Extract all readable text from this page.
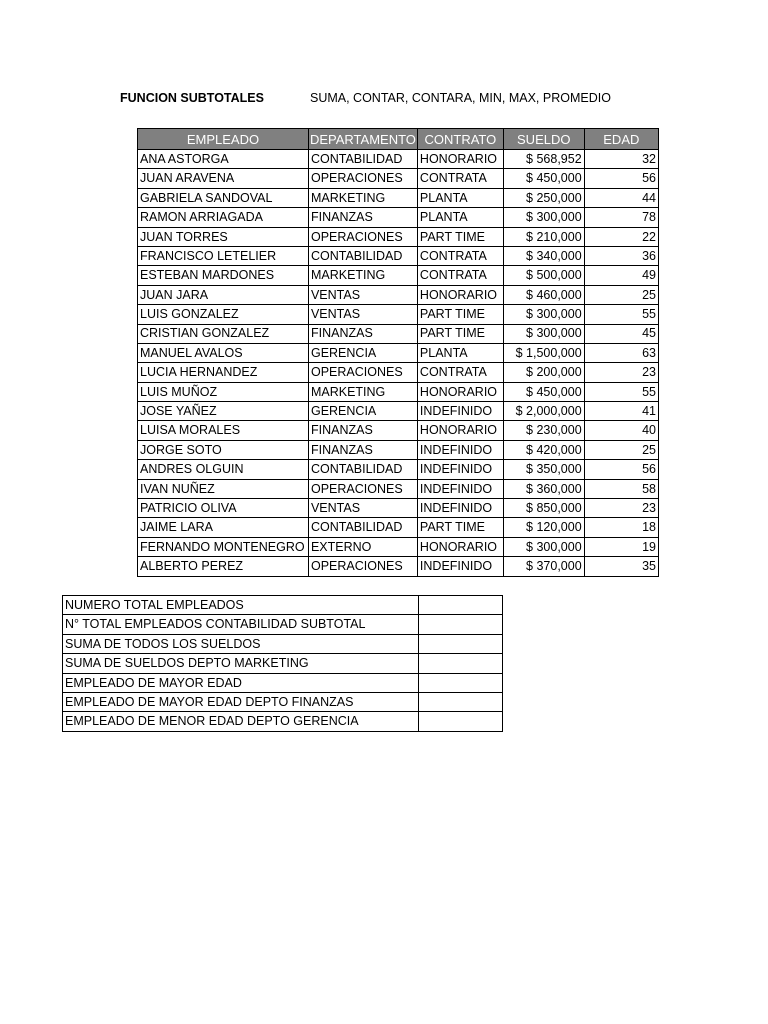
FUNCION SUBTOTALES	SUMA, CONTAR, CONTARA, MIN, MAX, PROMEDIO
EMPLEADO	DEPARTAMENTO	CONTRATO	SUELDO	EDAD
ANA ASTORGA	CONTABILIDAD	HONORARIO	$ 568,952	32
JUAN ARAVENA	OPERACIONES	CONTRATA	$ 450,000	56
GABRIELA SANDOVAL	MARKETING	PLANTA	$ 250,000	44
RAMON ARRIAGADA	FINANZAS	PLANTA	$ 300,000	78
JUAN TORRES	OPERACIONES	PART TIME	$ 210,000	22
FRANCISCO LETELIER	CONTABILIDAD	CONTRATA	$ 340,000	36
ESTEBAN MARDONES	MARKETING	CONTRATA	$ 500,000	49
JUAN JARA	VENTAS	HONORARIO	$ 460,000	25
LUIS GONZALEZ	VENTAS	PART TIME	$ 300,000	55
CRISTIAN GONZALEZ	FINANZAS	PART TIME	$ 300,000	45
MANUEL AVALOS	GERENCIA	PLANTA	$ 1,500,000	63
LUCIA HERNANDEZ	OPERACIONES	CONTRATA	$ 200,000	23
LUIS MUÑOZ	MARKETING	HONORARIO	$ 450,000	55
JOSE YAÑEZ	GERENCIA	INDEFINIDO	$ 2,000,000	41
LUISA MORALES	FINANZAS	HONORARIO	$ 230,000	40
JORGE SOTO	FINANZAS	INDEFINIDO	$ 420,000	25
ANDRES OLGUIN	CONTABILIDAD	INDEFINIDO	$ 350,000	56
IVAN NUÑEZ	OPERACIONES	INDEFINIDO	$ 360,000	58
PATRICIO OLIVA	VENTAS	INDEFINIDO	$ 850,000	23
JAIME LARA	CONTABILIDAD	PART TIME	$ 120,000	18
FERNANDO MONTENEGRO	EXTERNO	HONORARIO	$ 300,000	19
ALBERTO PEREZ	OPERACIONES	INDEFINIDO	$ 370,000	35
NUMERO TOTAL EMPLEADOS	
N° TOTAL EMPLEADOS CONTABILIDAD SUBTOTAL	
SUMA DE TODOS LOS SUELDOS	
SUMA DE SUELDOS DEPTO MARKETING	
EMPLEADO DE MAYOR EDAD	
EMPLEADO DE MAYOR EDAD DEPTO FINANZAS	
EMPLEADO DE MENOR EDAD DEPTO GERENCIA	
